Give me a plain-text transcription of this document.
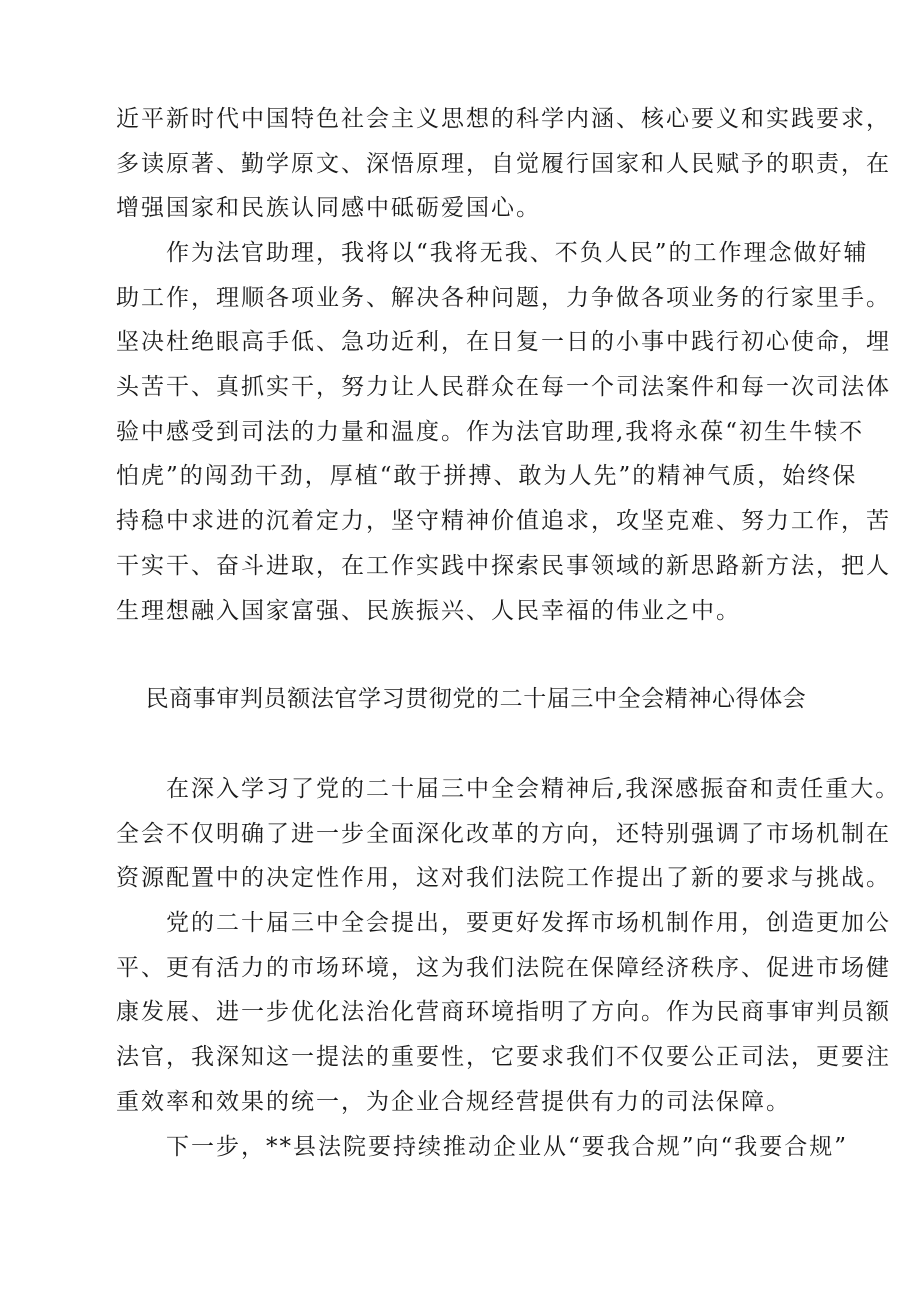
近平新时代中国特色社会主义思想的科学内涵、核心要义和实践要求，
多读原著、勤学原文、深悟原理，自觉履行国家和人民赋予的职责，在
增强国家和民族认同感中砥砺爱国心。
作为法官助理，我将以“我将无我、不负人民”的工作理念做好辅
助工作，理顺各项业务、解决各种问题，力争做各项业务的行家里手。
坚决杜绝眼高手低、急功近利，在日复一日的小事中践行初心使命，埋
头苦干、真抓实干，努力让人民群众在每一个司法案件和每一次司法体
验中感受到司法的力量和温度。作为法官助理,我将永葆“初生牛犊不
怕虎”的闯劲干劲，厚植“敢于拼搏、敢为人先”的精神气质，始终保
持稳中求进的沉着定力，坚守精神价值追求，攻坚克难、努力工作，苦
干实干、奋斗进取，在工作实践中探索民事领域的新思路新方法，把人
生理想融入国家富强、民族振兴、人民幸福的伟业之中。
民商事审判员额法官学习贯彻党的二十届三中全会精神心得体会
在深入学习了党的二十届三中全会精神后,我深感振奋和责任重大。
全会不仅明确了进一步全面深化改革的方向，还特别强调了市场机制在
资源配置中的决定性作用，这对我们法院工作提出了新的要求与挑战。
党的二十届三中全会提出，要更好发挥市场机制作用，创造更加公
平、更有活力的市场环境，这为我们法院在保障经济秩序、促进市场健
康发展、进一步优化法治化营商环境指明了方向。作为民商事审判员额
法官，我深知这一提法的重要性，它要求我们不仅要公正司法，更要注
重效率和效果的统一，为企业合规经营提供有力的司法保障。
下一步，**县法院要持续推动企业从“要我合规”向“我要合规”
